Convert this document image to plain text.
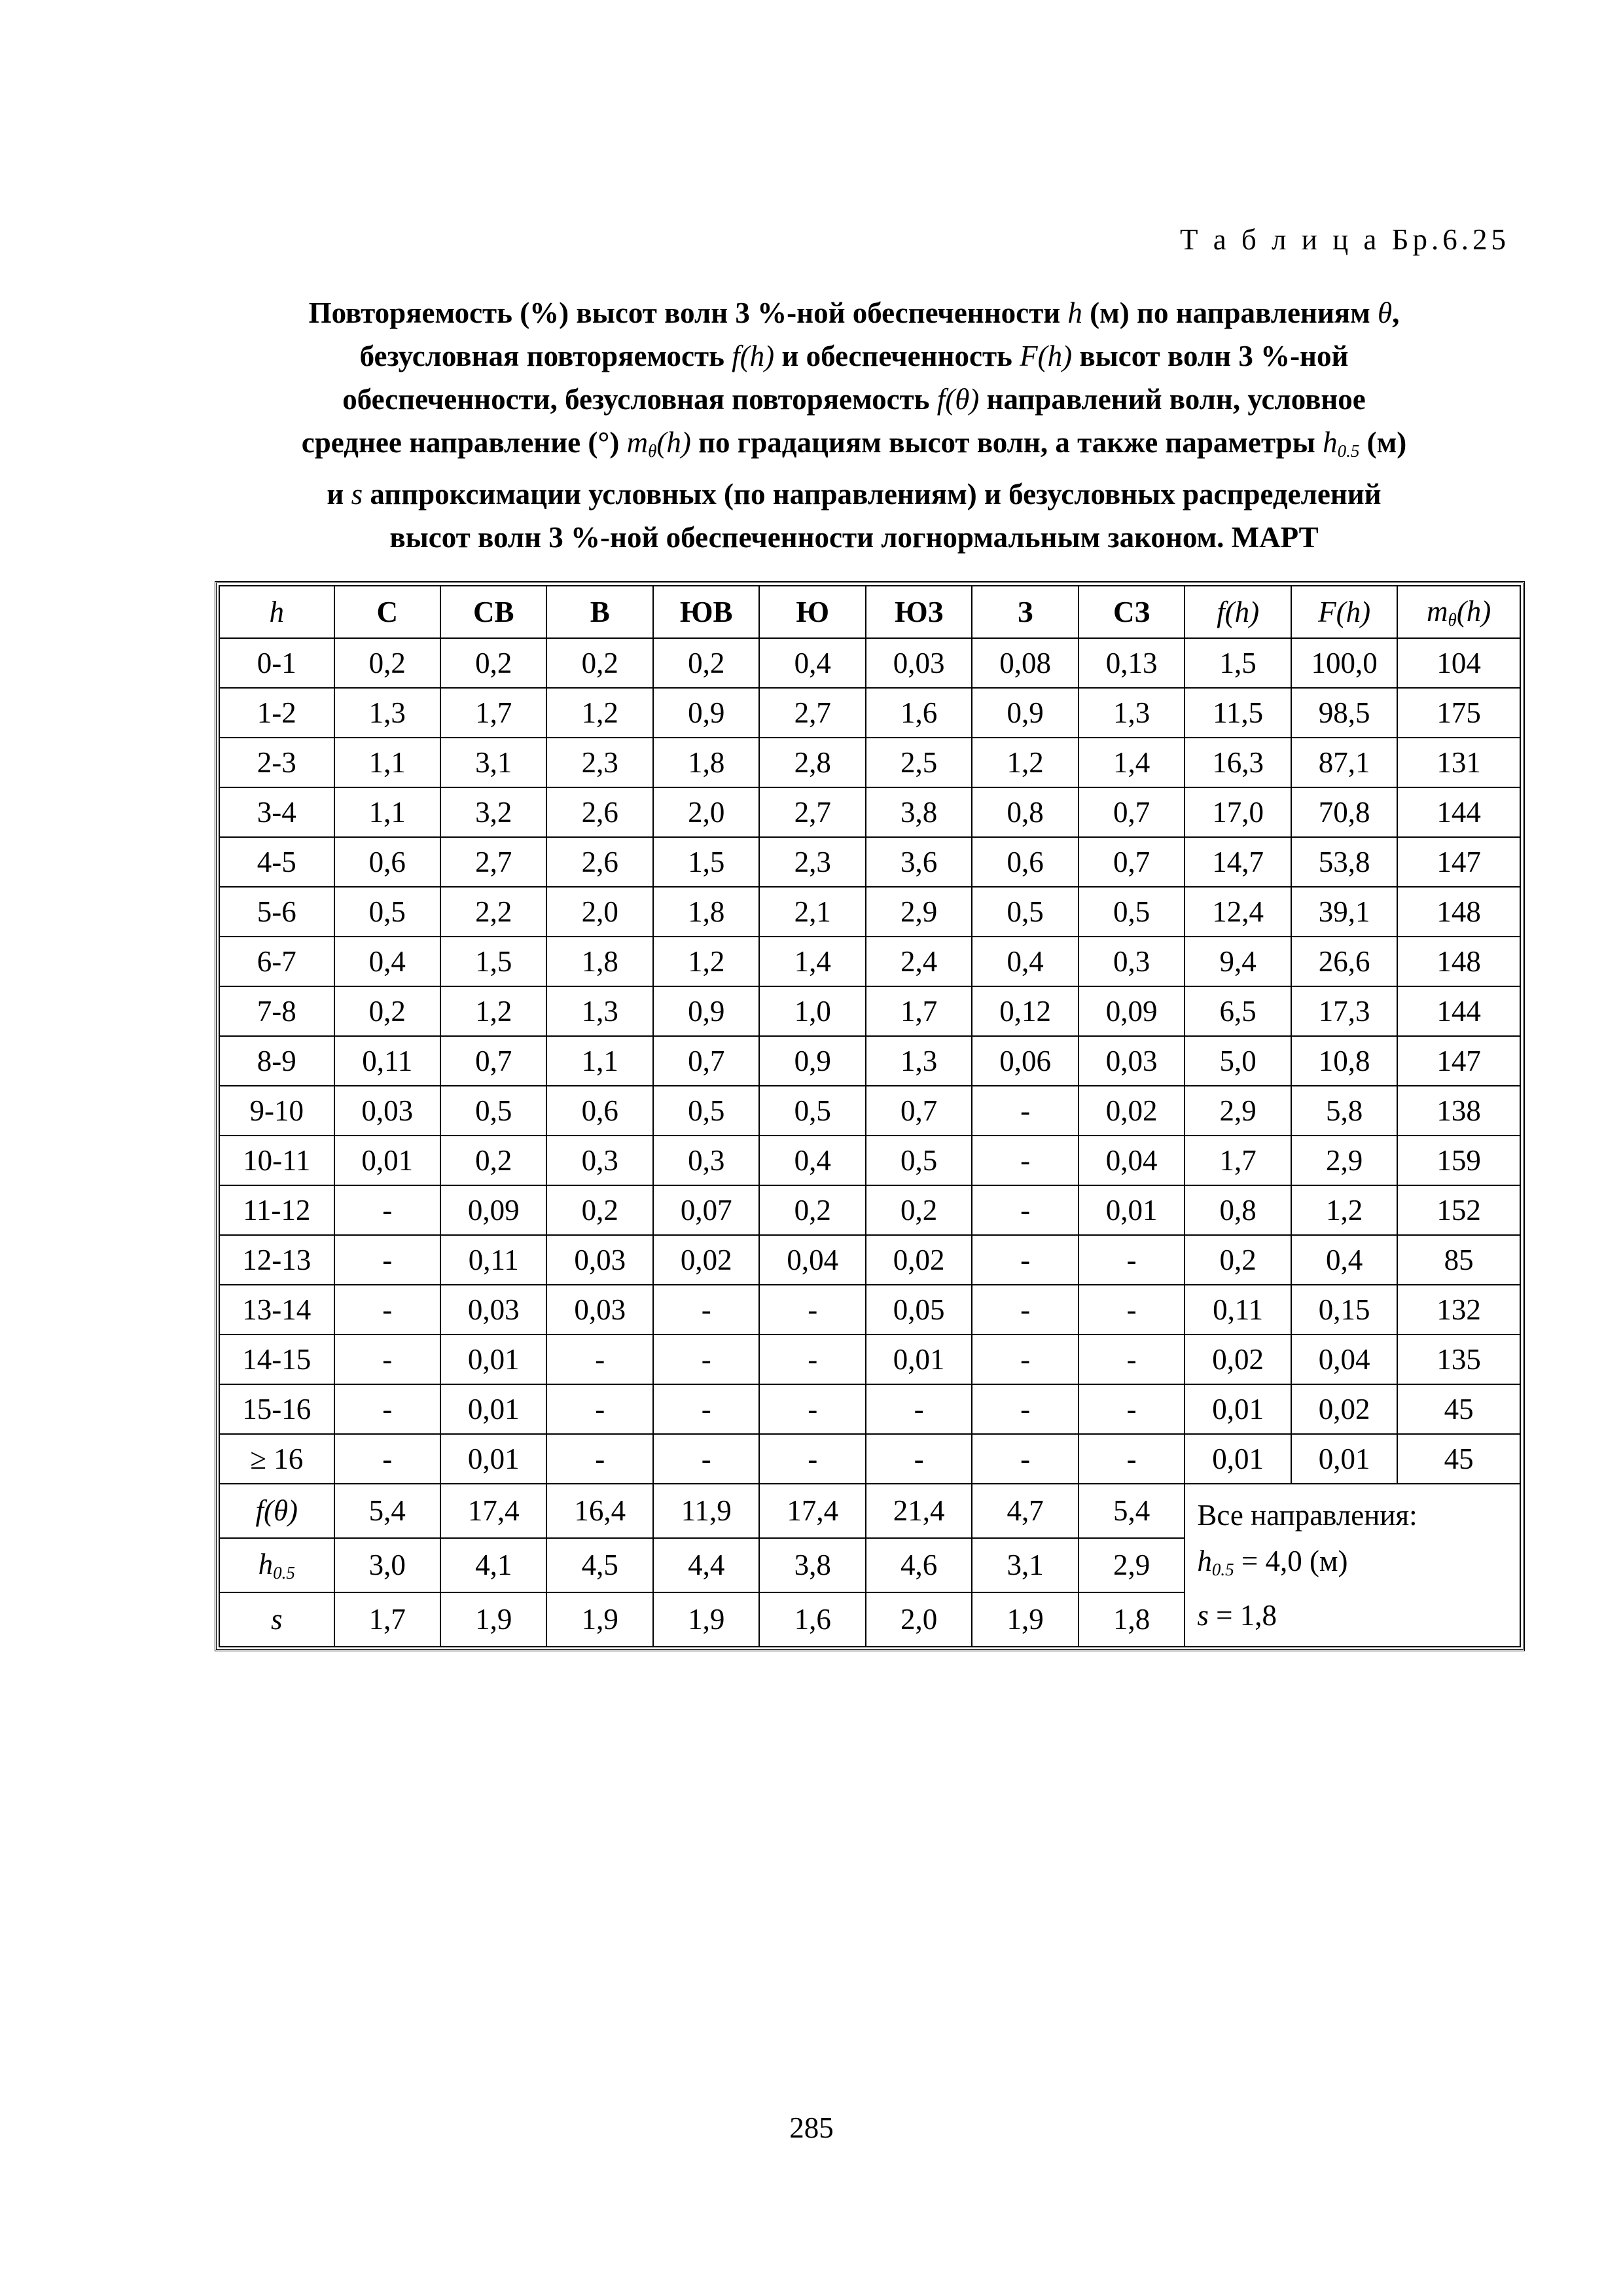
Т а б л и ц а Бр.6.25
Повторяемость (%) высот волн 3 %-ной обеспеченности h (м) по направлениям θ,
безусловная повторяемость f(h) и обеспеченность F(h) высот волн 3 %-ной
обеспеченности, безусловная повторяемость f(θ) направлений волн, условное
среднее направление (°) $m_\theta(h)$ по градациям высот волн, а также параметры $h_{0.5}$ (м)
и s аппроксимации условных (по направлениям) и безусловных распределений
высот волн 3 %-ной обеспеченности логнормальным законом. МАРТ
h	С	СВ	В	ЮВ	Ю	ЮЗ	З	СЗ	f(h)	F(h)	$m_\theta(h)$
0-1	0,2	0,2	0,2	0,2	0,4	0,03	0,08	0,13	1,5	100,0	104
1-2	1,3	1,7	1,2	0,9	2,7	1,6	0,9	1,3	11,5	98,5	175
2-3	1,1	3,1	2,3	1,8	2,8	2,5	1,2	1,4	16,3	87,1	131
3-4	1,1	3,2	2,6	2,0	2,7	3,8	0,8	0,7	17,0	70,8	144
4-5	0,6	2,7	2,6	1,5	2,3	3,6	0,6	0,7	14,7	53,8	147
5-6	0,5	2,2	2,0	1,8	2,1	2,9	0,5	0,5	12,4	39,1	148
6-7	0,4	1,5	1,8	1,2	1,4	2,4	0,4	0,3	9,4	26,6	148
7-8	0,2	1,2	1,3	0,9	1,0	1,7	0,12	0,09	6,5	17,3	144
8-9	0,11	0,7	1,1	0,7	0,9	1,3	0,06	0,03	5,0	10,8	147
9-10	0,03	0,5	0,6	0,5	0,5	0,7	-	0,02	2,9	5,8	138
10-11	0,01	0,2	0,3	0,3	0,4	0,5	-	0,04	1,7	2,9	159
11-12	-	0,09	0,2	0,07	0,2	0,2	-	0,01	0,8	1,2	152
12-13	-	0,11	0,03	0,02	0,04	0,02	-	-	0,2	0,4	85
13-14	-	0,03	0,03	-	-	0,05	-	-	0,11	0,15	132
14-15	-	0,01	-	-	-	0,01	-	-	0,02	0,04	135
15-16	-	0,01	-	-	-	-	-	-	0,01	0,02	45
≥ 16	-	0,01	-	-	-	-	-	-	0,01	0,01	45
f(θ)	5,4	17,4	16,4	11,9	17,4	21,4	4,7	5,4	Все направления:
$h_{0.5} = 4,0$ (м)
s = 1,8		

$h_{0.5}$	3,0	4,1	4,5	4,4	3,8	4,6	3,1	2,9			
s	1,7	1,9	1,9	1,9	1,6	2,0	1,9	1,8			
285
